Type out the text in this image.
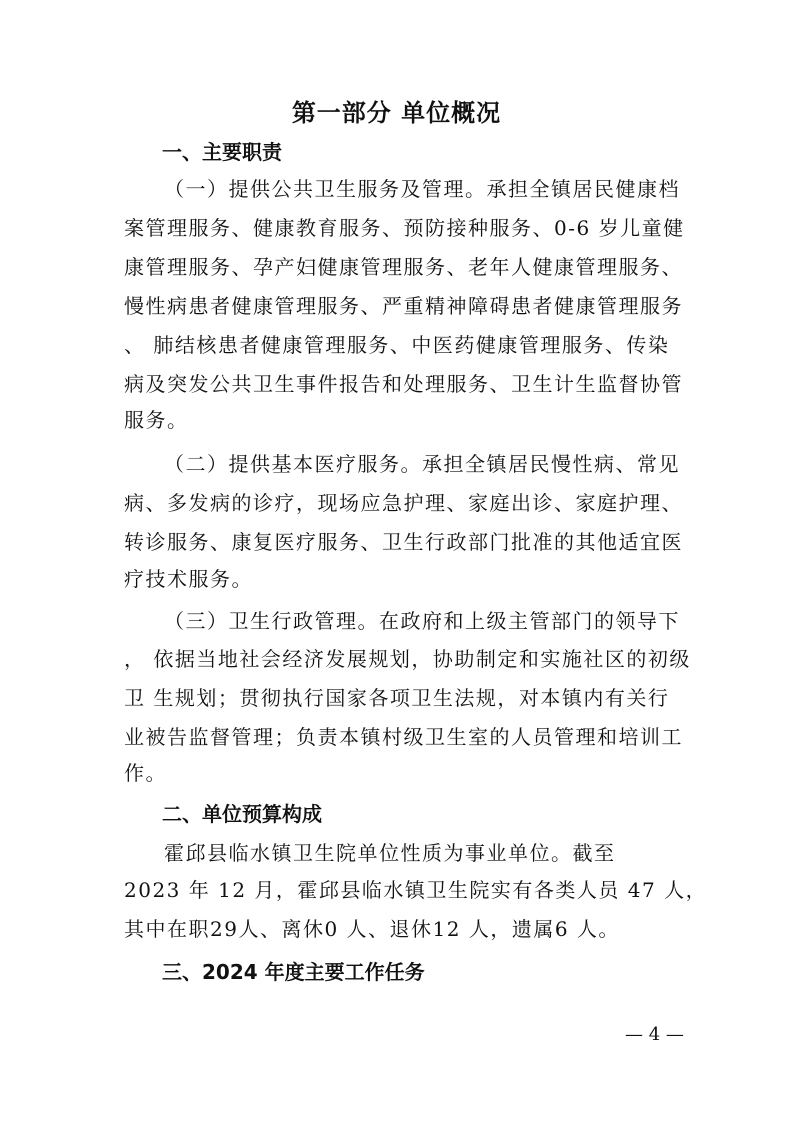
第一部分 单位概况
一、主要职责

（一）提供公共卫生服务及管理。承担全镇居民健康档

案管理服务、健康教育服务、预防接种服务、0-6 岁儿童健

康管理服务、孕产妇健康管理服务、老年人健康管理服务、

慢性病患者健康管理服务、严重精神障碍患者健康管理服务

、 肺结核患者健康管理服务、中医药健康管理服务、传染

病及突发公共卫生事件报告和处理服务、卫生计生监督协管

服务。

（二）提供基本医疗服务。承担全镇居民慢性病、常见

病、多发病的诊疗，现场应急护理、家庭出诊、家庭护理、

转诊服务、康复医疗服务、卫生行政部门批准的其他适宜医

疗技术服务。

（三）卫生行政管理。在政府和上级主管部门的领导下

， 依据当地社会经济发展规划，协助制定和实施社区的初级

卫 生规划；贯彻执行国家各项卫生法规，对本镇内有关行

业被告监督管理；负责本镇村级卫生室的人员管理和培训工

作。

二、单位预算构成

霍邱县临水镇卫生院单位性质为事业单位。截至

2023 年 12 月，霍邱县临水镇卫生院实有各类人员 47 人，

其中在职29人、离休0 人、退休12 人，遗属6 人。

三、2024 年度主要工作任务

— 4 —
